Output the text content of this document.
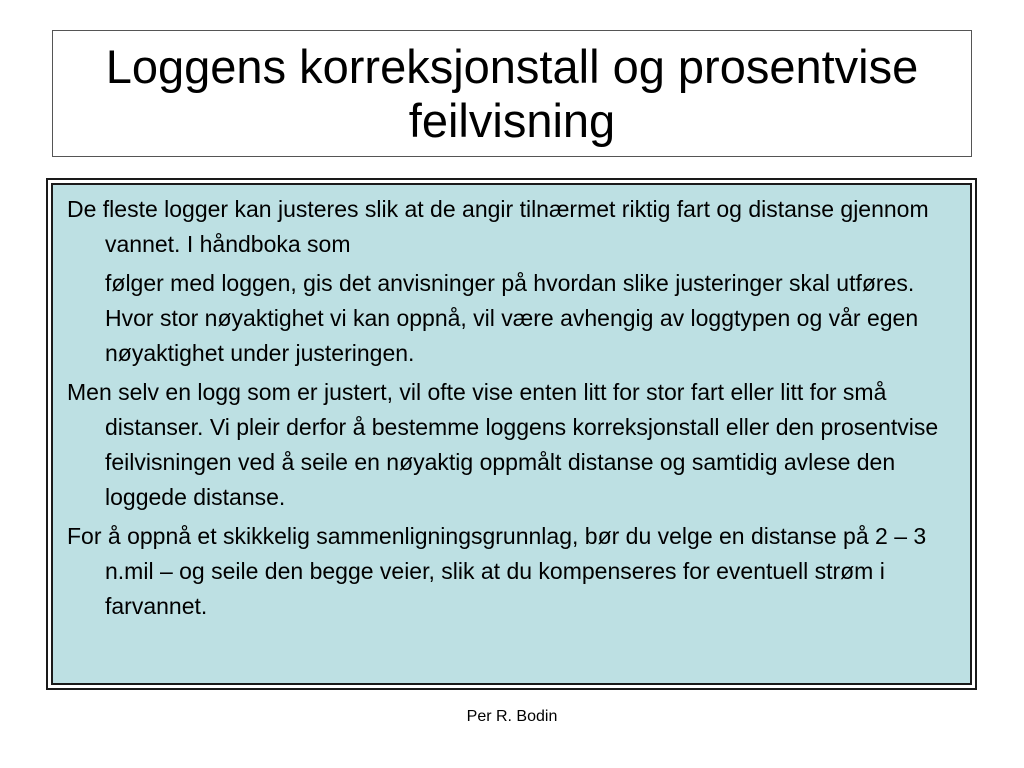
Loggens korreksjonstall og prosentvise feilvisning

De fleste logger kan justeres slik at de angir tilnærmet riktig fart og distanse gjennom vannet. I håndboka som

følger med loggen, gis det anvisninger på hvordan slike justeringer skal utføres. Hvor stor nøyaktighet vi kan oppnå, vil være avhengig av loggtypen og vår egen nøyaktighet under justeringen.

Men selv en logg som er justert, vil ofte vise enten litt for stor fart eller litt for små distanser. Vi pleir derfor å bestemme loggens korreksjonstall eller den prosentvise feilvisningen ved å seile en nøyaktig oppmålt distanse og samtidig avlese den loggede distanse.

For å oppnå et skikkelig sammenligningsgrunnlag, bør du velge en distanse på 2 – 3 n.mil – og seile den begge veier, slik at du kompenseres for eventuell strøm i farvannet.

Per R. Bodin
